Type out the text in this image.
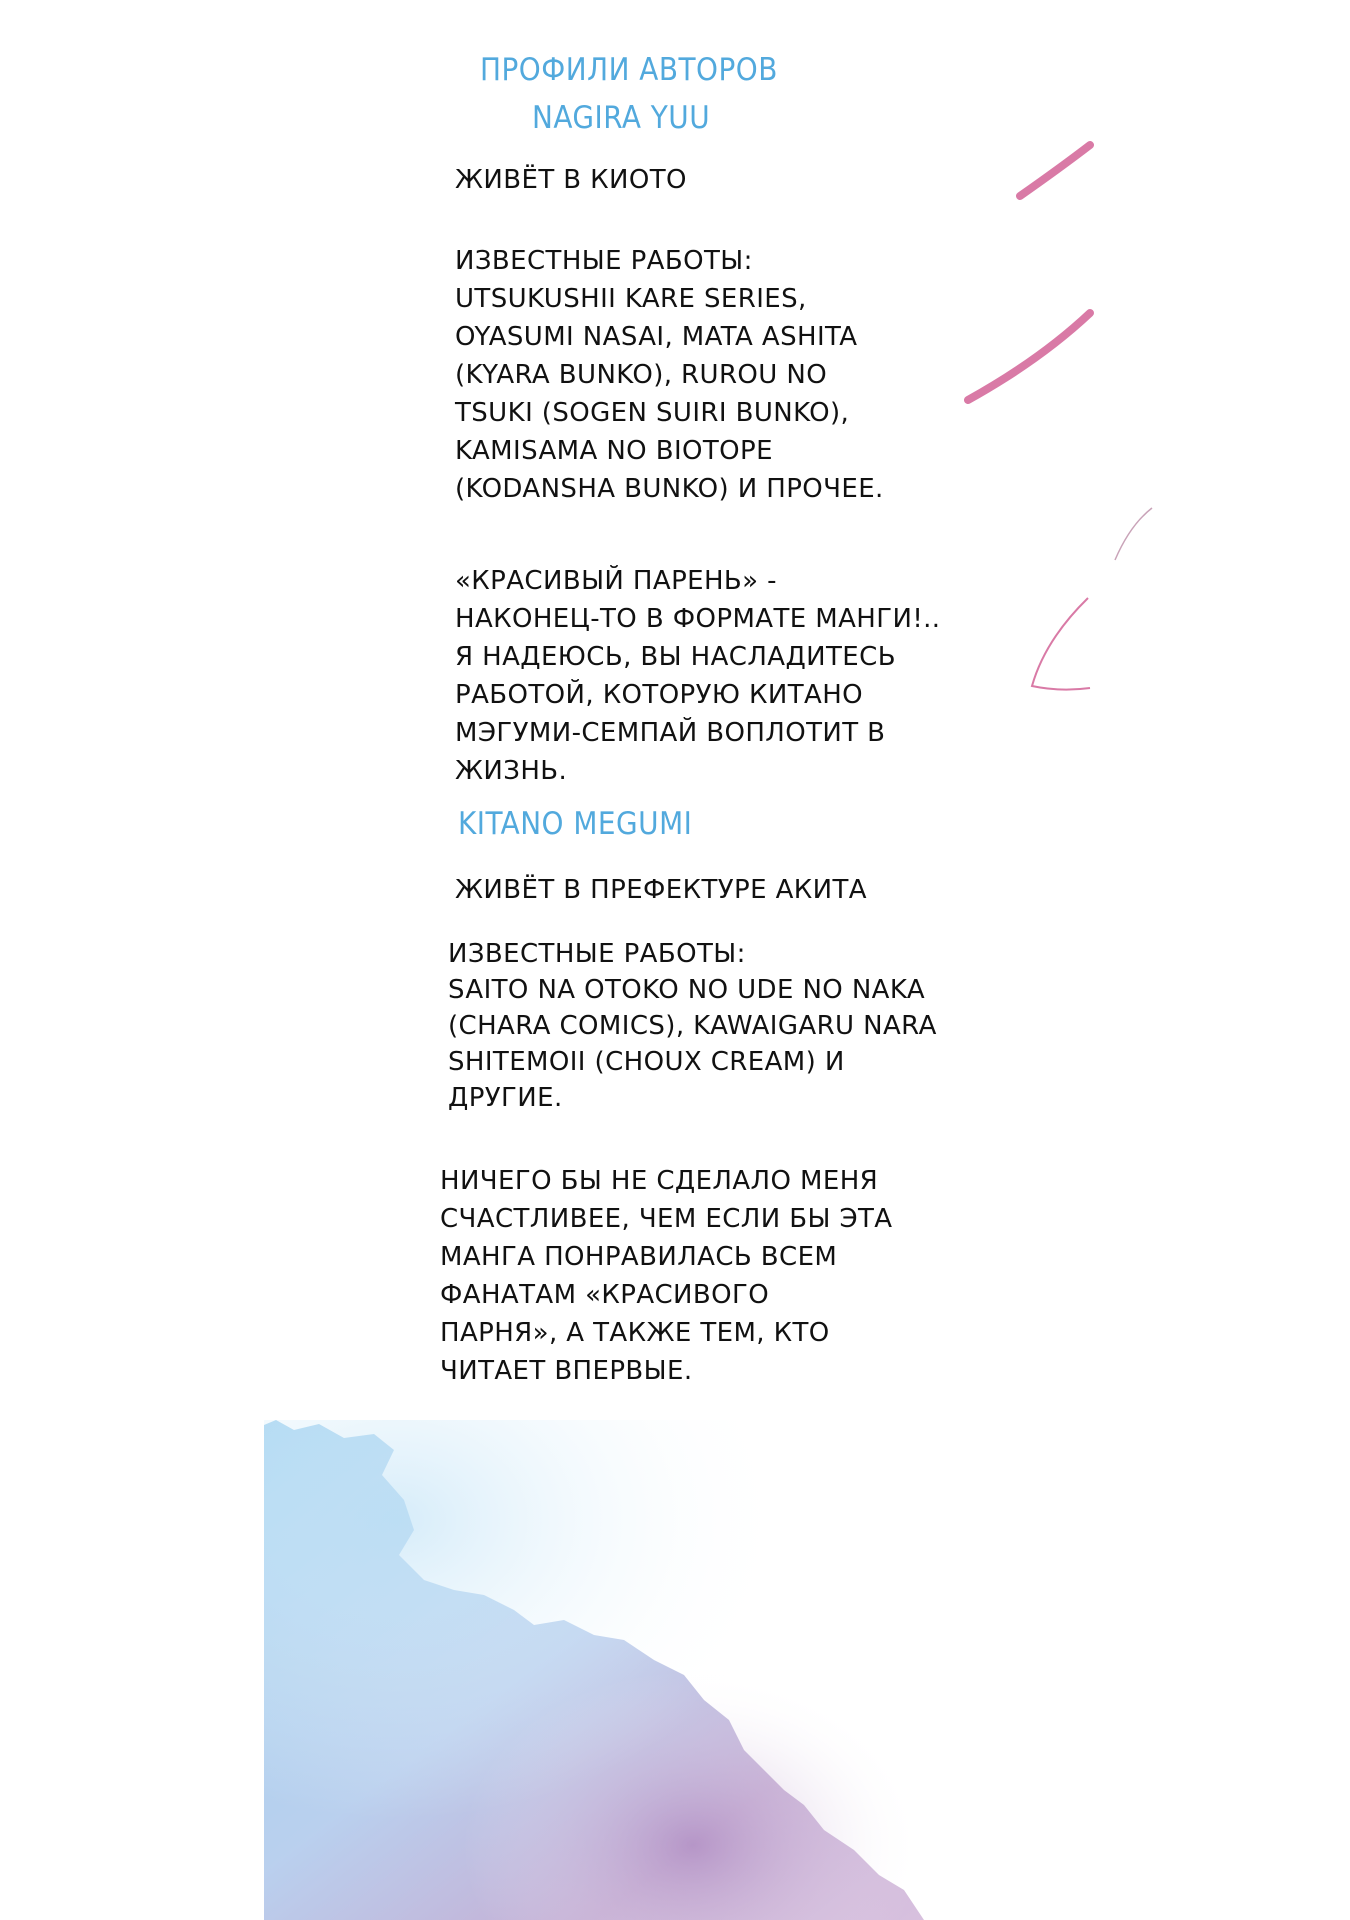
ПРОФИЛИ АВТОРОВ
NAGIRA YUU
ЖИВЁТ В КИОТО
ИЗВЕСТНЫЕ РАБОТЫ:
UTSUKUSHII KARE SERIES,
OYASUMI NASAI, MATA ASHITA
(KYARA BUNKO), RUROU NO
TSUKI (SOGEN SUIRI BUNKO),
KAMISAMA NO BIOTOPE
(KODANSHA BUNKO) И ПРОЧЕЕ.
«КРАСИВЫЙ ПАРЕНЬ» -
НАКОНЕЦ-ТО В ФОРМАТЕ МАНГИ!..
Я НАДЕЮСЬ, ВЫ НАСЛАДИТЕСЬ
РАБОТОЙ, КОТОРУЮ КИТАНО
МЭГУМИ-СЕМПАЙ ВОПЛОТИТ В
ЖИЗНЬ.
KITANO MEGUMI
ЖИВЁТ В ПРЕФЕКТУРЕ АКИТА
ИЗВЕСТНЫЕ РАБОТЫ:
SAITO NA OTOKO NO UDE NO NAKA
(CHARA COMICS), KAWAIGARU NARA
SHITEMOII (CHOUX CREAM) И
ДРУГИЕ.
НИЧЕГО БЫ НЕ СДЕЛАЛО МЕНЯ
СЧАСТЛИВЕЕ, ЧЕМ ЕСЛИ БЫ ЭТА
МАНГА ПОНРАВИЛАСЬ ВСЕМ
ФАНАТАМ «КРАСИВОГО
ПАРНЯ», А ТАКЖЕ ТЕМ, КТО
ЧИТАЕТ ВПЕРВЫЕ.
